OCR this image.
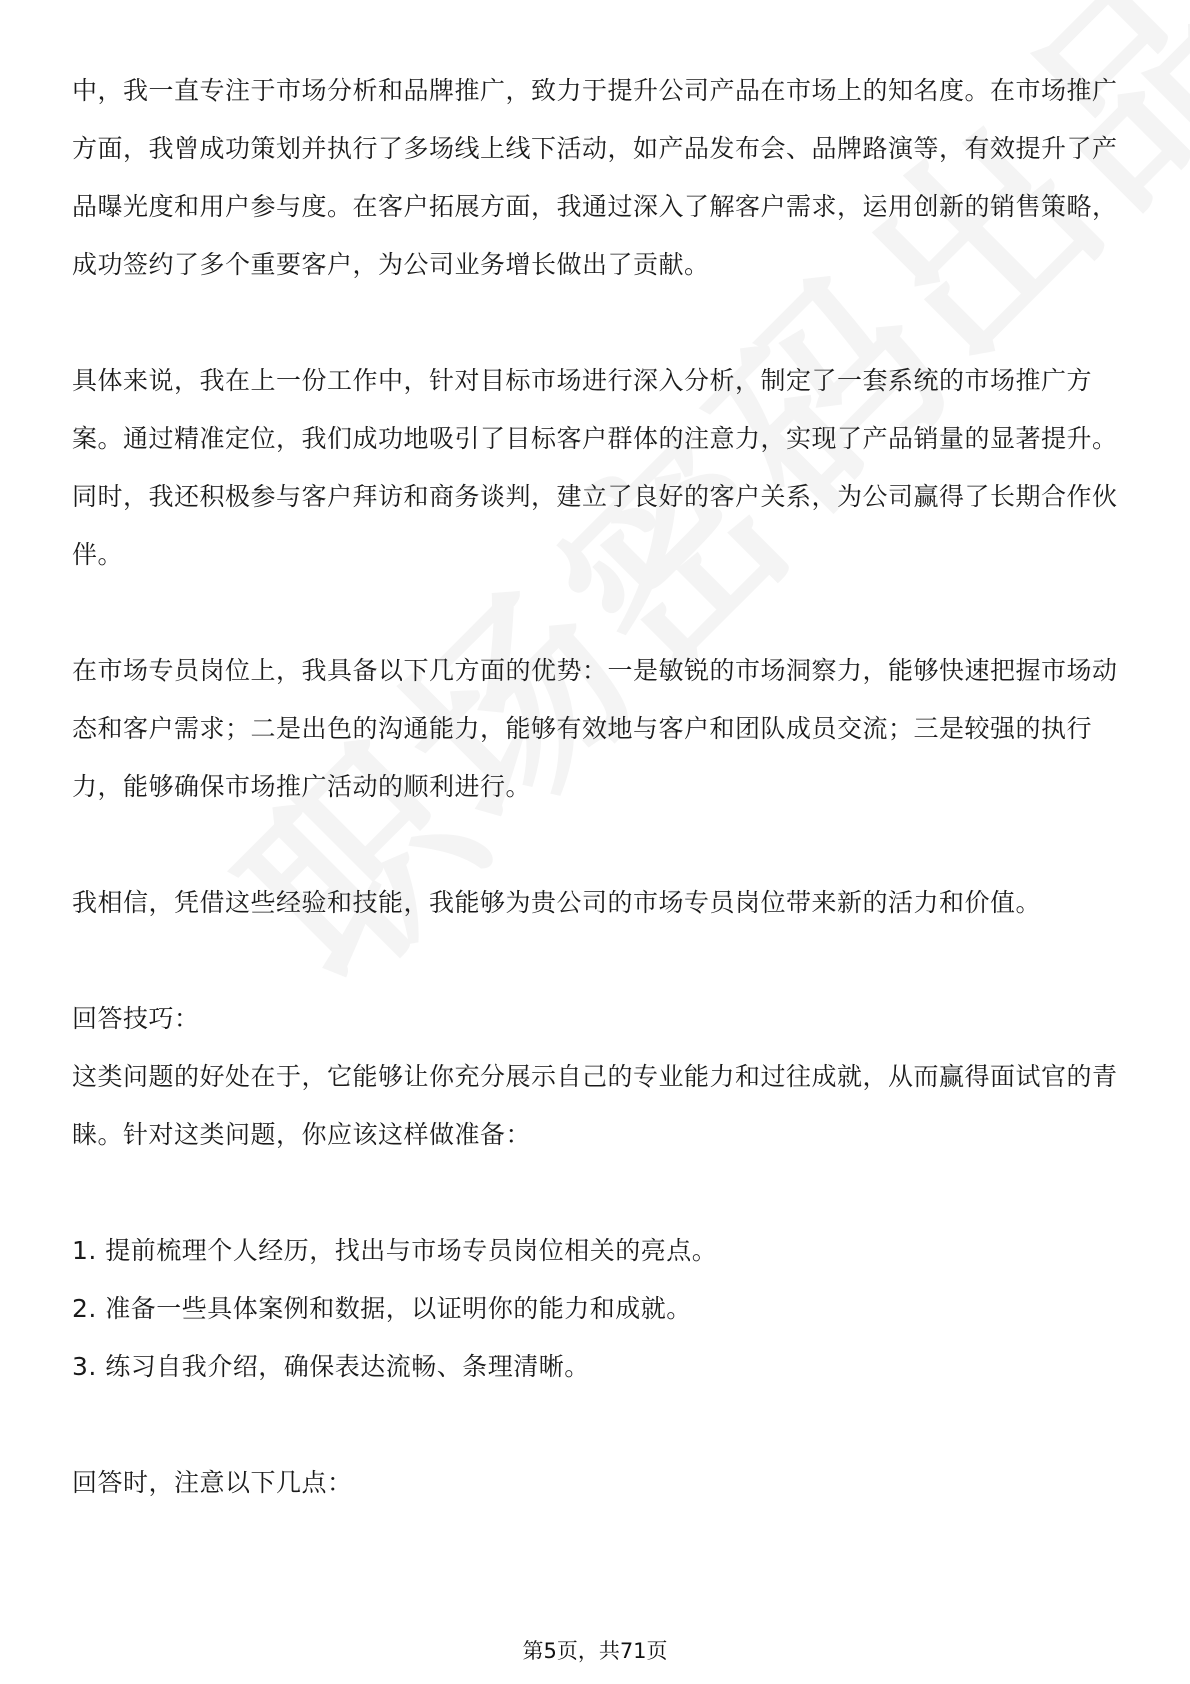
中，我一直专注于市场分析和品牌推广，致力于提升公司产品在市场上的知名度。在市场推广方面，我曾成功策划并执行了多场线上线下活动，如产品发布会、品牌路演等，有效提升了产品曝光度和用户参与度。在客户拓展方面，我通过深入了解客户需求，运用创新的销售策略，成功签约了多个重要客户，为公司业务增长做出了贡献。

具体来说，我在上一份工作中，针对目标市场进行深入分析，制定了一套系统的市场推广方案。通过精准定位，我们成功地吸引了目标客户群体的注意力，实现了产品销量的显著提升。同时，我还积极参与客户拜访和商务谈判，建立了良好的客户关系，为公司赢得了长期合作伙伴。

在市场专员岗位上，我具备以下几方面的优势：一是敏锐的市场洞察力，能够快速把握市场动态和客户需求；二是出色的沟通能力，能够有效地与客户和团队成员交流；三是较强的执行力，能够确保市场推广活动的顺利进行。

我相信，凭借这些经验和技能，我能够为贵公司的市场专员岗位带来新的活力和价值。

回答技巧：

这类问题的好处在于，它能够让你充分展示自己的专业能力和过往成就，从而赢得面试官的青睐。针对这类问题，你应该这样做准备：

1. 提前梳理个人经历，找出与市场专员岗位相关的亮点。

2. 准备一些具体案例和数据，以证明你的能力和成就。

3. 练习自我介绍，确保表达流畅、条理清晰。

回答时，注意以下几点：

第5页，共71页
